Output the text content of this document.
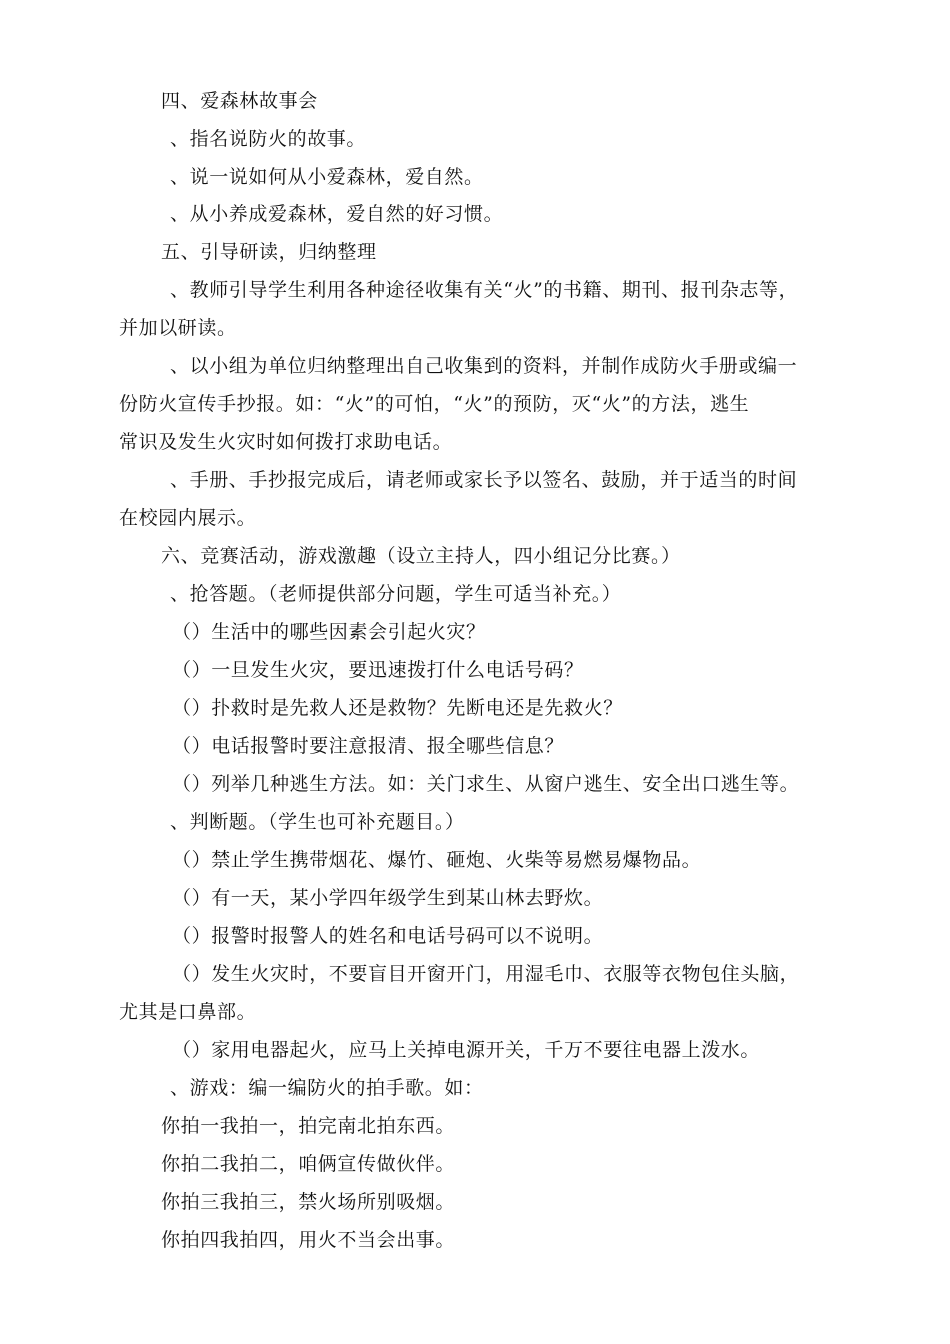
四、爱森林故事会
、指名说防火的故事。
、说一说如何从小爱森林，爱自然。
、从小养成爱森林，爱自然的好习惯。
五、引导研读，归纳整理
、教师引导学生利用各种途径收集有关“火”的书籍、期刊、报刊杂志等，
并加以研读。
、以小组为单位归纳整理出自己收集到的资料，并制作成防火手册或编一
份防火宣传手抄报。如：“火”的可怕，“火”的预防，灭“火”的方法，逃生
常识及发生火灾时如何拨打求助电话。
、手册、手抄报完成后，请老师或家长予以签名、鼓励，并于适当的时间
在校园内展示。
六、竞赛活动，游戏激趣（设立主持人，四小组记分比赛。）
、抢答题。（老师提供部分问题，学生可适当补充。）
（）生活中的哪些因素会引起火灾？
（）一旦发生火灾，要迅速拨打什么电话号码？
（）扑救时是先救人还是救物？先断电还是先救火？
（）电话报警时要注意报清、报全哪些信息？
（）列举几种逃生方法。如：关门求生、从窗户逃生、安全出口逃生等。
、判断题。（学生也可补充题目。）
（）禁止学生携带烟花、爆竹、砸炮、火柴等易燃易爆物品。
（）有一天，某小学四年级学生到某山林去野炊。
（）报警时报警人的姓名和电话号码可以不说明。
（）发生火灾时，不要盲目开窗开门，用湿毛巾、衣服等衣物包住头脑，
尤其是口鼻部。
（）家用电器起火，应马上关掉电源开关，千万不要往电器上泼水。
、游戏：编一编防火的拍手歌。如：
你拍一我拍一，拍完南北拍东西。
你拍二我拍二，咱俩宣传做伙伴。
你拍三我拍三，禁火场所别吸烟。
你拍四我拍四，用火不当会出事。
